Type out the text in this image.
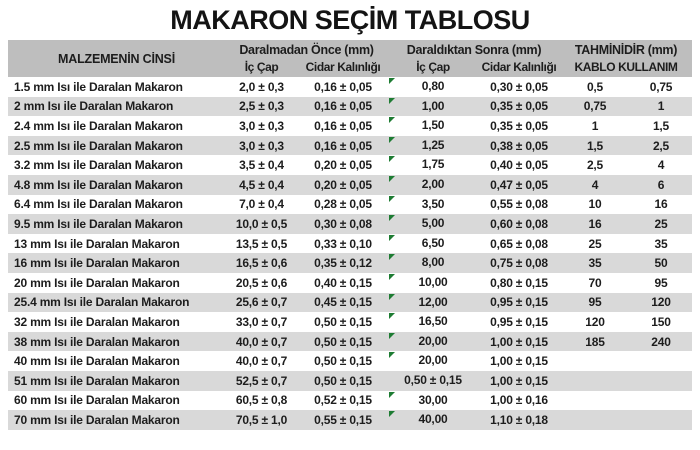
MAKARON SEÇİM TABLOSU
MALZEMENİN CİNSİ
Daralmadan Önce (mm)
İç Çap	Cidar Kalınlığı
Daraldıktan Sonra (mm)
İç Çap	Cidar Kalınlığı
TAHMİNİDİR (mm)
KABLO KULLANIM
1.5 mm Isı ile Daralan Makaron	2,0 ± 0,3	0,16 ± 0,05	0,80	0,30 ± 0,05	0,5	0,75
2 mm Isı ile Daralan Makaron	2,5 ± 0,3	0,16 ± 0,05	1,00	0,35 ± 0,05	0,75	1
2.4 mm Isı ile Daralan Makaron	3,0 ± 0,3	0,16 ± 0,05	1,50	0,35 ± 0,05	1	1,5
2.5 mm Isı ile Daralan Makaron	3,0 ± 0,3	0,16 ± 0,05	1,25	0,38 ± 0,05	1,5	2,5
3.2 mm Isı ile Daralan Makaron	3,5 ± 0,4	0,20 ± 0,05	1,75	0,40 ± 0,05	2,5	4
4.8 mm Isı ile Daralan Makaron	4,5 ± 0,4	0,20 ± 0,05	2,00	0,47 ± 0,05	4	6
6.4 mm Isı ile Daralan Makaron	7,0 ± 0,4	0,28 ± 0,05	3,50	0,55 ± 0,08	10	16
9.5 mm Isı ile Daralan Makaron	10,0 ± 0,5	0,30 ± 0,08	5,00	0,60 ± 0,08	16	25
13 mm Isı ile Daralan Makaron	13,5 ± 0,5	0,33 ± 0,10	6,50	0,65 ± 0,08	25	35
16 mm Isı ile Daralan Makaron	16,5 ± 0,6	0,35 ± 0,12	8,00	0,75 ± 0,08	35	50
20 mm Isı ile Daralan Makaron	20,5 ± 0,6	0,40 ± 0,15	10,00	0,80 ± 0,15	70	95
25.4 mm Isı ile Daralan Makaron	25,6 ± 0,7	0,45 ± 0,15	12,00	0,95 ± 0,15	95	120
32 mm Isı ile Daralan Makaron	33,0 ± 0,7	0,50 ± 0,15	16,50	0,95 ± 0,15	120	150
38 mm Isı ile Daralan Makaron	40,0 ± 0,7	0,50 ± 0,15	20,00	1,00 ± 0,15	185	240
40 mm Isı ile Daralan Makaron	40,0 ± 0,7	0,50 ± 0,15	20,00	1,00 ± 0,15
51 mm Isı ile Daralan Makaron	52,5 ± 0,7	0,50 ± 0,15	0,50 ± 0,15	1,00 ± 0,15
60 mm Isı ile Daralan Makaron	60,5 ± 0,8	0,52 ± 0,15	30,00	1,00 ± 0,16
70 mm Isı ile Daralan Makaron	70,5 ± 1,0	0,55 ± 0,15	40,00	1,10 ± 0,18
